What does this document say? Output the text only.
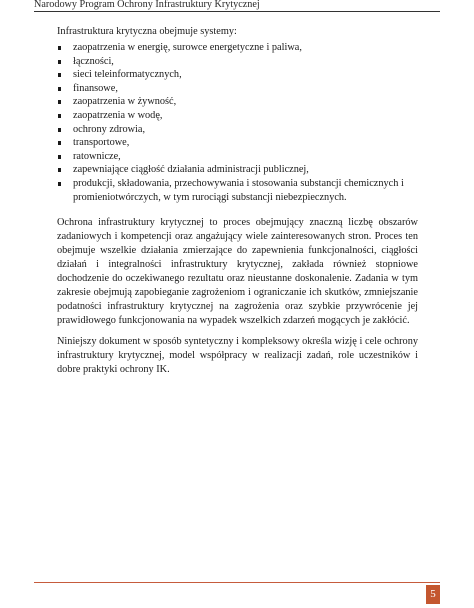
Narodowy Program Ochrony Infrastruktury Krytycznej

Infrastruktura krytyczna obejmuje systemy:

zaopatrzenia w energię, surowce energetyczne i paliwa,
łączności,
sieci teleinformatycznych,
finansowe,
zaopatrzenia w żywność,
zaopatrzenia w wodę,
ochrony zdrowia,
transportowe,
ratownicze,
zapewniające ciągłość działania administracji publicznej,
produkcji, składowania, przechowywania i stosowania substancji chemicznych i promieniotwórczych, w tym rurociągi substancji niebezpiecznych.

Ochrona infrastruktury krytycznej to proces obejmujący znaczną liczbę obszarów zadaniowych i kompetencji oraz angażujący wiele zainteresowanych stron. Proces ten obejmuje wszelkie działania zmierzające do zapewnienia funkcjonalności, ciągłości działań i integralności infrastruktury krytycznej, zakłada również stopniowe dochodzenie do oczekiwanego rezultatu oraz nieustanne doskonalenie. Zadania w tym zakresie obejmują zapobieganie zagrożeniom i ograniczanie ich skutków, zmniejszanie podatności infrastruktury krytycznej na zagrożenia oraz szybkie przywrócenie jej prawidłowego funkcjonowania na wypadek wszelkich zdarzeń mogących je zakłócić.

Niniejszy dokument w sposób syntetyczny i kompleksowy określa wizję i cele ochrony infrastruktury krytycznej, model współpracy w realizacji zadań, role uczestników i dobre praktyki ochrony IK.

5
